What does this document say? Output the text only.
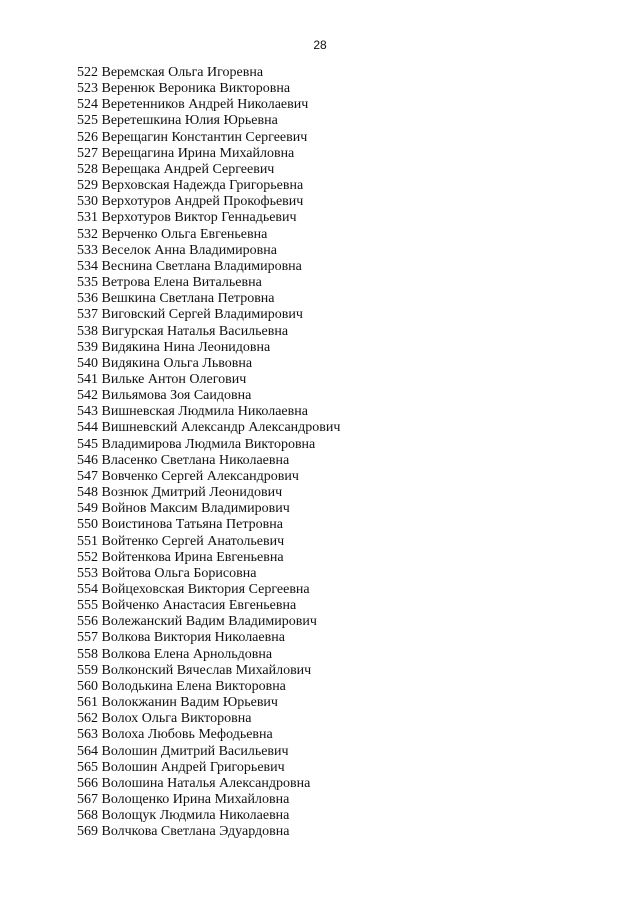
28
522 Веремская Ольга Игоревна
523 Веренюк Вероника Викторовна
524 Веретенников Андрей Николаевич
525 Веретешкина Юлия Юрьевна
526 Верещагин Константин Сергеевич
527 Верещагина Ирина Михайловна
528 Верещака Андрей Сергеевич
529 Верховская Надежда Григорьевна
530 Верхотуров Андрей Прокофьевич
531 Верхотуров Виктор Геннадьевич
532 Верченко Ольга Евгеньевна
533 Веселок Анна Владимировна
534 Веснина Светлана Владимировна
535 Ветрова Елена Витальевна
536 Вешкина Светлана Петровна
537 Виговский Сергей Владимирович
538 Вигурская Наталья Васильевна
539 Видякина Нина Леонидовна
540 Видякина Ольга Львовна
541 Вильке Антон Олегович
542 Вильямова Зоя Саидовна
543 Вишневская Людмила Николаевна
544 Вишневский Александр Александрович
545 Владимирова Людмила Викторовна
546 Власенко Светлана Николаевна
547 Вовченко Сергей Александрович
548 Вознюк Дмитрий Леонидович
549 Войнов Максим Владимирович
550 Воистинова Татьяна Петровна
551 Войтенко Сергей Анатольевич
552 Войтенкова Ирина Евгеньевна
553 Войтова Ольга Борисовна
554 Войцеховская Виктория Сергеевна
555 Войченко Анастасия Евгеньевна
556 Волежанский Вадим Владимирович
557 Волкова Виктория Николаевна
558 Волкова Елена Арнольдовна
559 Волконский Вячеслав Михайлович
560 Володькина Елена Викторовна
561 Волокжанин Вадим Юрьевич
562 Волох Ольга Викторовна
563 Волоха Любовь Мефодьевна
564 Волошин Дмитрий Васильевич
565 Волошин Андрей Григорьевич
566 Волошина Наталья Александровна
567 Волощенко Ирина Михайловна
568 Волощук Людмила Николаевна
569 Волчкова Светлана Эдуардовна
